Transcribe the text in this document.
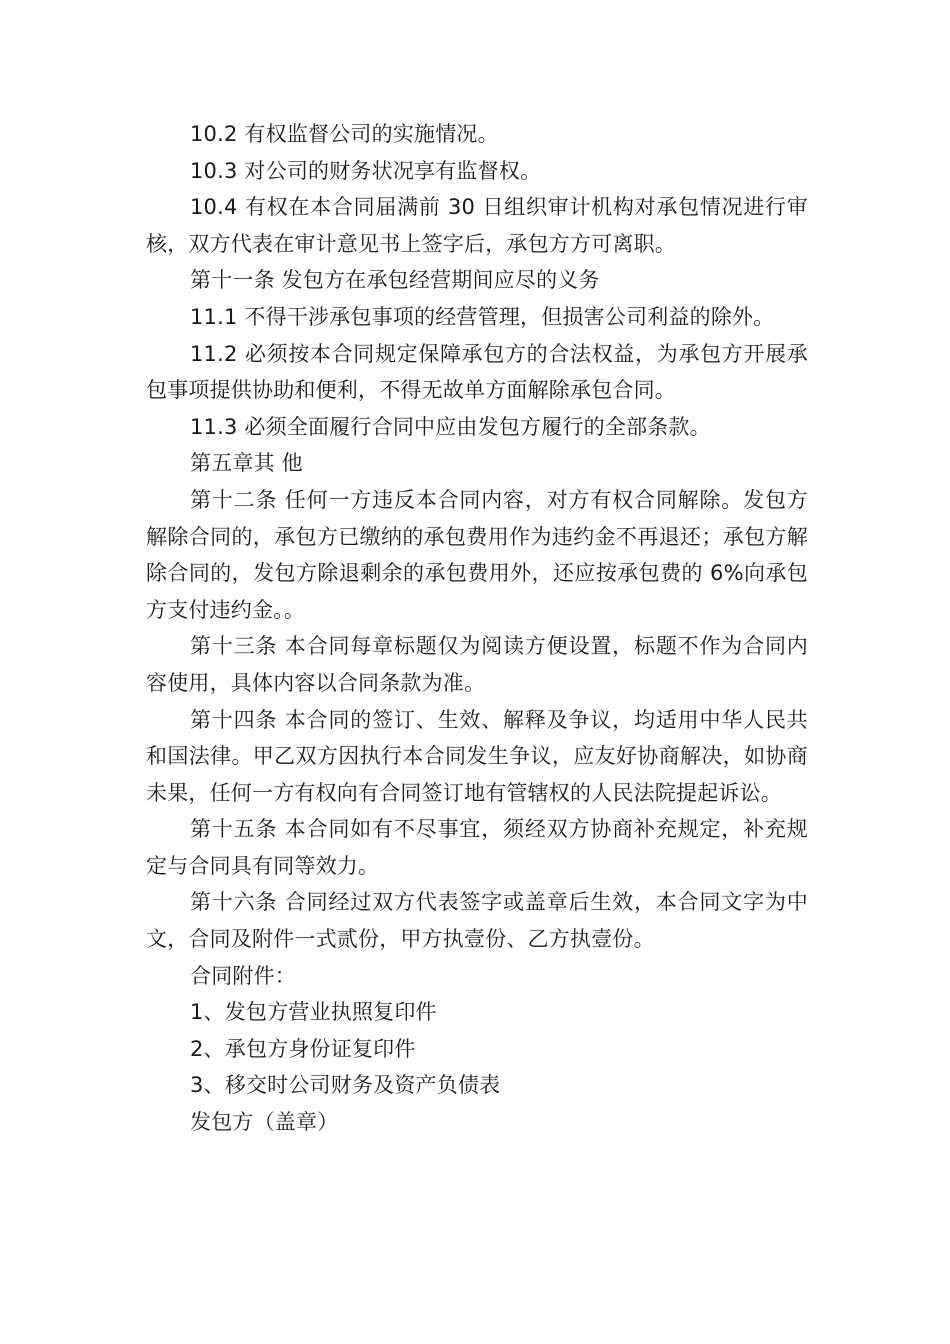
10.2 有权监督公司的实施情况。

10.3 对公司的财务状况享有监督权。

10.4 有权在本合同届满前 30 日组织审计机构对承包情况进行审核，双方代表在审计意见书上签字后，承包方方可离职。

第十一条 发包方在承包经营期间应尽的义务

11.1 不得干涉承包事项的经营管理，但损害公司利益的除外。

11.2 必须按本合同规定保障承包方的合法权益，为承包方开展承包事项提供协助和便利，不得无故单方面解除承包合同。

11.3 必须全面履行合同中应由发包方履行的全部条款。

第五章其 他

第十二条 任何一方违反本合同内容，对方有权合同解除。发包方解除合同的，承包方已缴纳的承包费用作为违约金不再退还；承包方解除合同的，发包方除退剩余的承包费用外，还应按承包费的 6%向承包方支付违约金。。

第十三条 本合同每章标题仅为阅读方便设置，标题不作为合同内容使用，具体内容以合同条款为准。

第十四条 本合同的签订、生效、解释及争议，均适用中华人民共和国法律。甲乙双方因执行本合同发生争议，应友好协商解决，如协商未果，任何一方有权向有合同签订地有管辖权的人民法院提起诉讼。

第十五条 本合同如有不尽事宜，须经双方协商补充规定，补充规定与合同具有同等效力。

第十六条 合同经过双方代表签字或盖章后生效，本合同文字为中文，合同及附件一式贰份，甲方执壹份、乙方执壹份。

合同附件：

1、发包方营业执照复印件

2、承包方身份证复印件

3、移交时公司财务及资产负债表

发包方（盖章）
